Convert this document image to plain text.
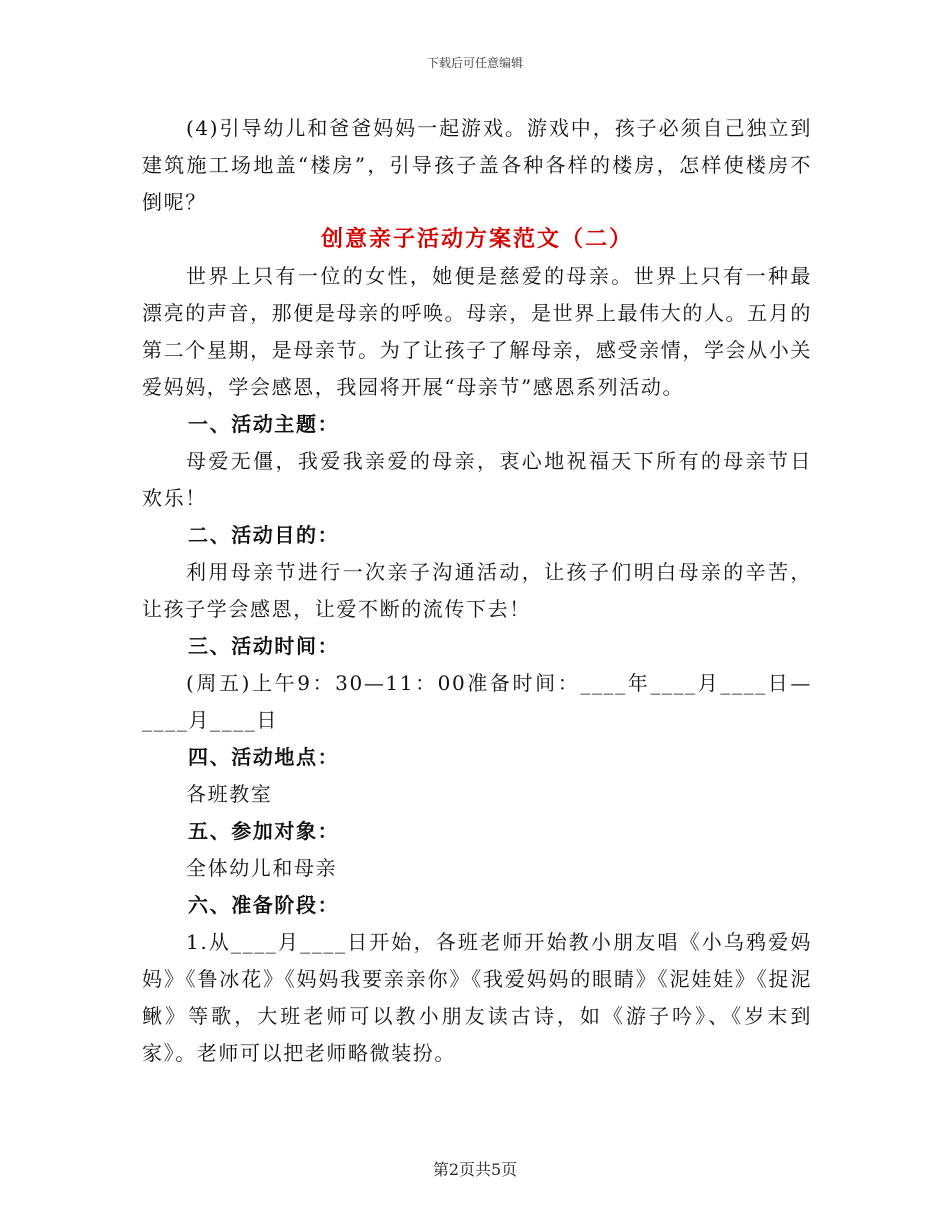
下载后可任意编辑

(4)引导幼儿和爸爸妈妈一起游戏。游戏中，孩子必须自己独立到建筑施工场地盖“楼房”，引导孩子盖各种各样的楼房，怎样使楼房不倒呢？

创意亲子活动方案范文（二）

世界上只有一位的女性，她便是慈爱的母亲。世界上只有一种最漂亮的声音，那便是母亲的呼唤。母亲，是世界上最伟大的人。五月的第二个星期，是母亲节。为了让孩子了解母亲，感受亲情，学会从小关爱妈妈，学会感恩，我园将开展“母亲节”感恩系列活动。

一、活动主题：

母爱无僵，我爱我亲爱的母亲，衷心地祝福天下所有的母亲节日欢乐！

二、活动目的：

利用母亲节进行一次亲子沟通活动，让孩子们明白母亲的辛苦，让孩子学会感恩，让爱不断的流传下去！

三、活动时间：

(周五)上午9：30—11：00准备时间：____年____月____日—____月____日

四、活动地点：

各班教室

五、参加对象：

全体幼儿和母亲

六、准备阶段：

1.从____月____日开始，各班老师开始教小朋友唱《小乌鸦爱妈妈》《鲁冰花》《妈妈我要亲亲你》《我爱妈妈的眼睛》《泥娃娃》《捉泥鳅》等歌，大班老师可以教小朋友读古诗，如《游子吟》、《岁末到家》。老师可以把老师略微装扮。

第2页共5页
